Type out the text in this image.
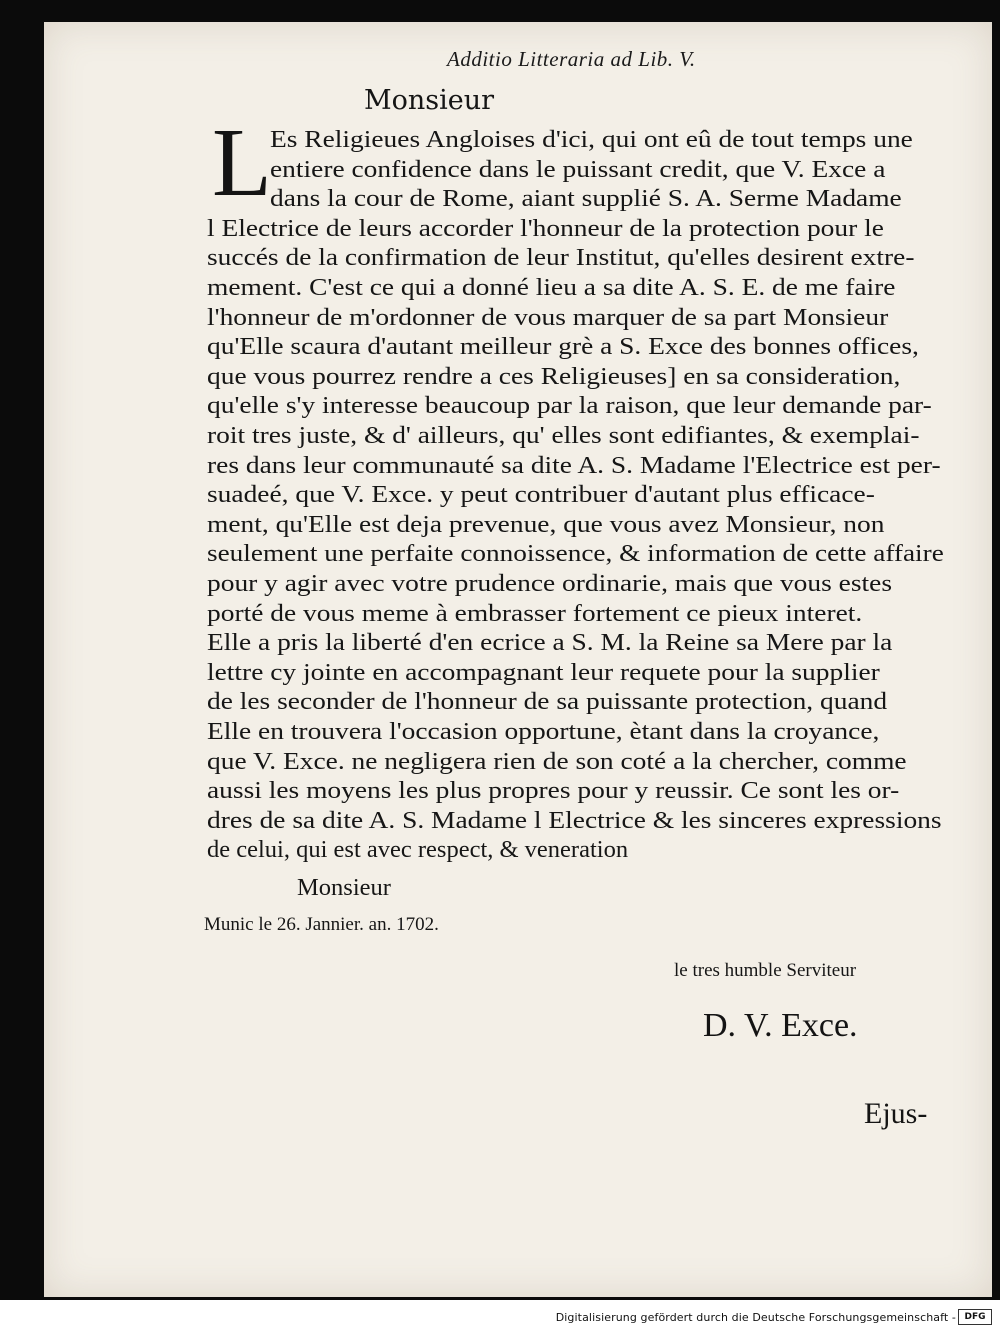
Additio Litteraria ad Lib. V.
Monsieur
L
Es Religieues Angloises d'ici, qui ont eû de tout temps une
entiere confidence dans le puissant credit, que V. Exce a
dans la cour de Rome, aiant supplié S. A. Serme Madame
l Electrice de leurs accorder l'honneur de la protection pour le
succés de la confirmation de leur Institut, qu'elles desirent extre-
mement. C'est ce qui a donné lieu a sa dite A. S. E. de me faire
l'honneur de m'ordonner de vous marquer de sa part Monsieur
qu'Elle scaura d'autant meilleur grè a S. Exce des bonnes offices,
que vous pourrez rendre a ces Religieuses] en sa consideration,
qu'elle s'y interesse beaucoup par la raison, que leur demande par-
roit tres juste, & d' ailleurs, qu' elles sont edifiantes, & exemplai-
res dans leur communauté sa dite A. S. Madame l'Electrice est per-
suadeé, que V. Exce. y peut contribuer d'autant plus efficace-
ment, qu'Elle est deja prevenue, que vous avez Monsieur, non
seulement une perfaite connoissence, & information de cette affaire
pour y agir avec votre prudence ordinarie, mais que vous estes
porté de vous meme à embrasser fortement ce pieux interet.
Elle a pris la liberté d'en ecrice a S. M. la Reine sa Mere par la
lettre cy jointe en accompagnant leur requete pour la supplier
de les seconder de l'honneur de sa puissante protection, quand
Elle en trouvera l'occasion opportune, ètant dans la croyance,
que V. Exce. ne negligera rien de son coté a la chercher, comme
aussi les moyens les plus propres pour y reussir. Ce sont les or-
dres de sa dite A. S. Madame l Electrice & les sinceres expressions
de celui, qui est avec respect, & veneration
Monsieur
Munic le 26. Jannier. an. 1702.
le tres humble Serviteur
D. V. Exce.
Ejus-
Digitalisierung gefördert durch die Deutsche Forschungsgemeinschaft - DFG
